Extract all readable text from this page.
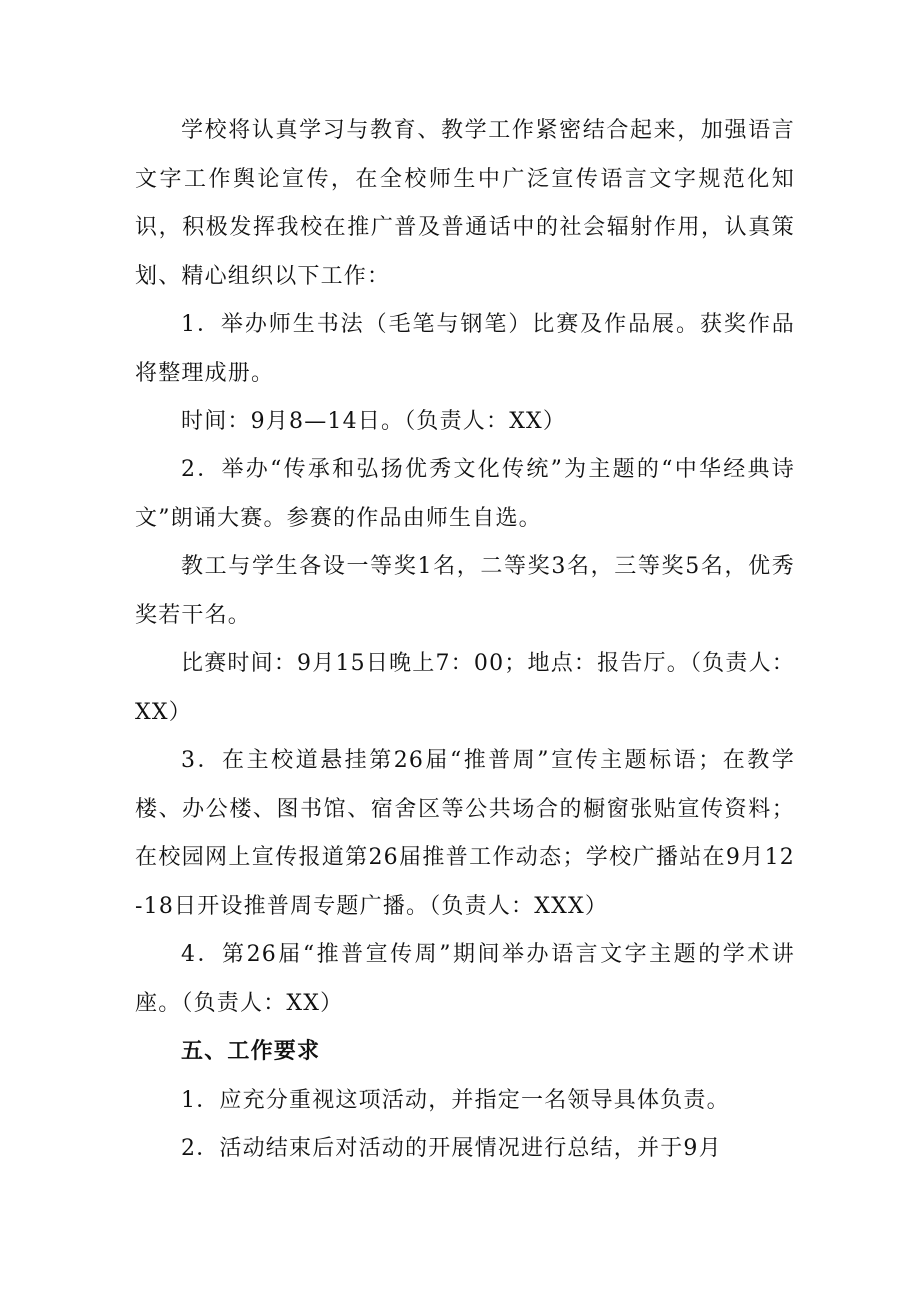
学校将认真学习与教育、教学工作紧密结合起来，加强语言文字工作舆论宣传，在全校师生中广泛宣传语言文字规范化知识，积极发挥我校在推广普及普通话中的社会辐射作用，认真策划、精心组织以下工作：

1．举办师生书法（毛笔与钢笔）比赛及作品展。获奖作品将整理成册。

时间：9月8—14日。（负责人：XX）

2．举办“传承和弘扬优秀文化传统”为主题的“中华经典诗文”朗诵大赛。参赛的作品由师生自选。

教工与学生各设一等奖1名，二等奖3名，三等奖5名，优秀奖若干名。

比赛时间：9月15日晚上7：00；地点：报告厅。（负责人：XX）

3．在主校道悬挂第26届“推普周”宣传主题标语；在教学楼、办公楼、图书馆、宿舍区等公共场合的橱窗张贴宣传资料；在校园网上宣传报道第26届推普工作动态；学校广播站在9月12-18日开设推普周专题广播。（负责人：XXX）

4．第26届“推普宣传周”期间举办语言文字主题的学术讲座。（负责人：XX）

五、工作要求

1．应充分重视这项活动，并指定一名领导具体负责。

2．活动结束后对活动的开展情况进行总结，并于9月
